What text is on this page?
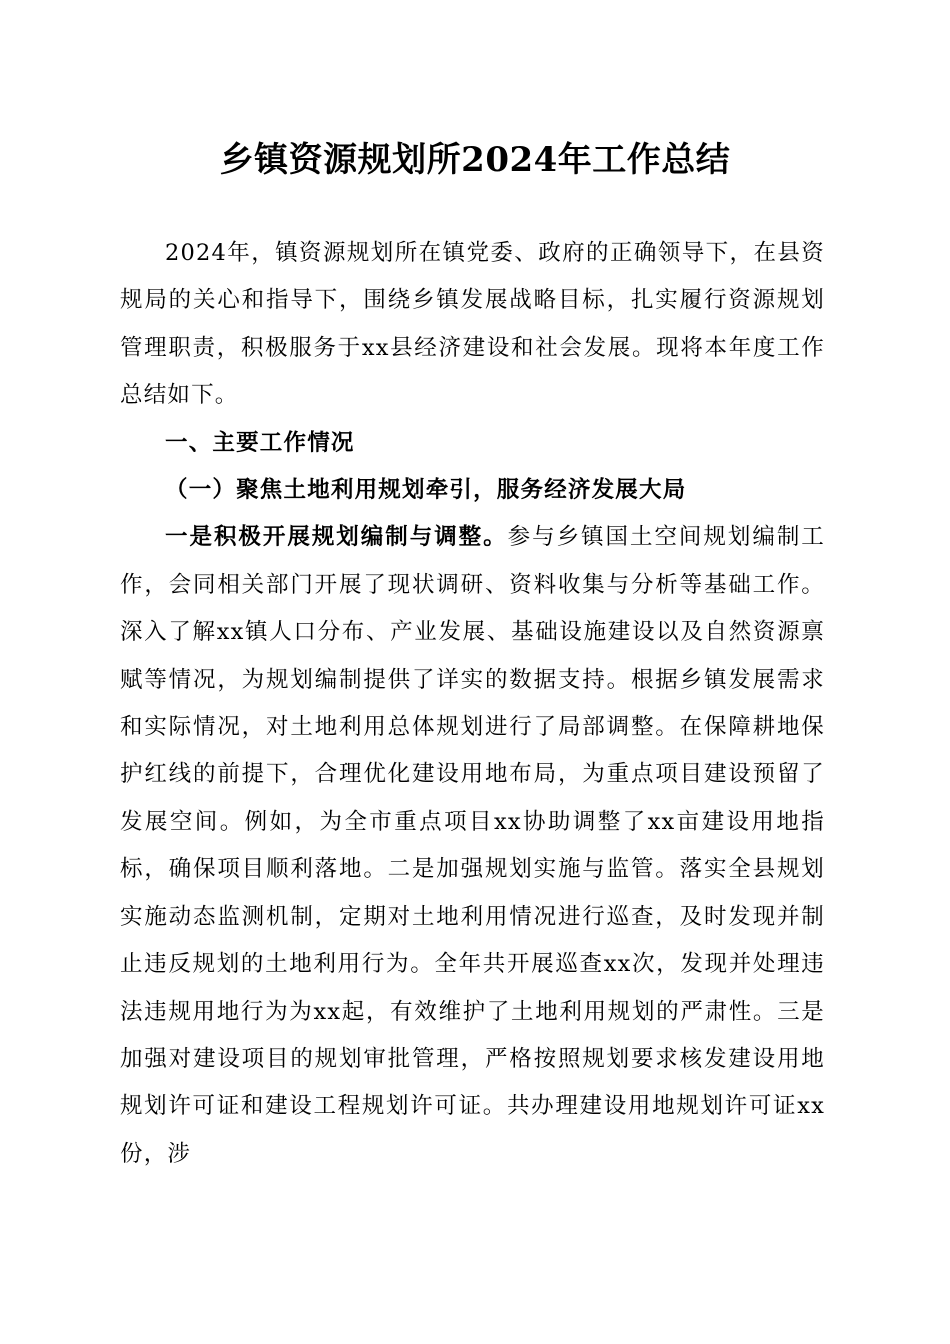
乡镇资源规划所2024年工作总结

2024年，镇资源规划所在镇党委、政府的正确领导下，在县资规局的关心和指导下，围绕乡镇发展战略目标，扎实履行资源规划管理职责，积极服务于xx县经济建设和社会发展。现将本年度工作总结如下。

一、主要工作情况

（一）聚焦土地利用规划牵引，服务经济发展大局

一是积极开展规划编制与调整。参与乡镇国土空间规划编制工作，会同相关部门开展了现状调研、资料收集与分析等基础工作。深入了解xx镇人口分布、产业发展、基础设施建设以及自然资源禀赋等情况，为规划编制提供了详实的数据支持。根据乡镇发展需求和实际情况，对土地利用总体规划进行了局部调整。在保障耕地保护红线的前提下，合理优化建设用地布局，为重点项目建设预留了发展空间。例如，为全市重点项目xx协助调整了xx亩建设用地指标，确保项目顺利落地。二是加强规划实施与监管。落实全县规划实施动态监测机制，定期对土地利用情况进行巡查，及时发现并制止违反规划的土地利用行为。全年共开展巡查xx次，发现并处理违法违规用地行为为xx起，有效维护了土地利用规划的严肃性。三是加强对建设项目的规划审批管理，严格按照规划要求核发建设用地规划许可证和建设工程规划许可证。共办理建设用地规划许可证xx份，涉
